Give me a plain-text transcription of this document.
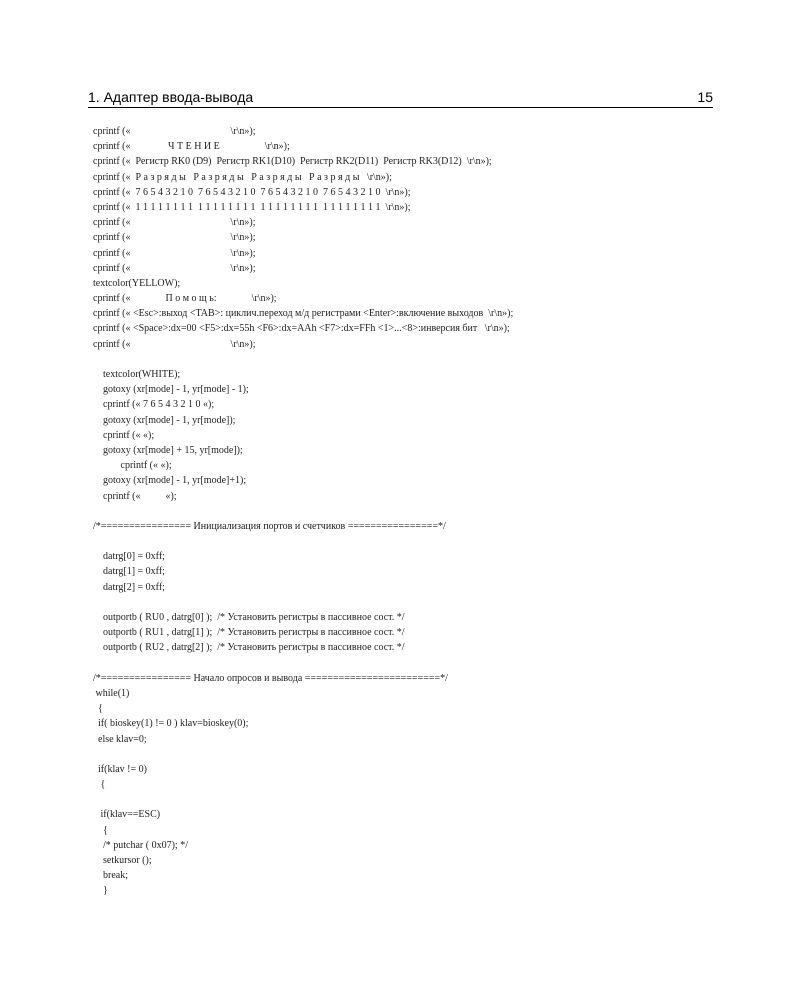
1. Адаптер ввода-вывода	15
cprintf («                                        \r\n»);
cprintf («               Ч Т Е Н И Е                  \r\n»);
cprintf («  Регистр RK0 (D9)  Регистр RK1(D10)  Регистр RK2(D11)  Регистр RK3(D12)  \r\n»);
cprintf («  Р а з р я д ы   Р а з р я д ы   Р а з р я д ы   Р а з р я д ы   \r\n»);
cprintf («  7 6 5 4 3 2 1 0  7 6 5 4 3 2 1 0  7 6 5 4 3 2 1 0  7 6 5 4 3 2 1 0  \r\n»);
cprintf («  1 1 1 1 1 1 1 1  1 1 1 1 1 1 1 1  1 1 1 1 1 1 1 1  1 1 1 1 1 1 1 1  \r\n»);
cprintf («                                        \r\n»);
cprintf («                                        \r\n»);
cprintf («                                        \r\n»);
cprintf («                                        \r\n»);
textcolor(YELLOW);
cprintf («              П о м о щ ь:              \r\n»);
cprintf (« <Esc>:выход <TAB>: циклич.переход м/д регистрами <Enter>:включение выходов  \r\n»);
cprintf (« <Space>:dx=00 <F5>:dx=55h <F6>:dx=AAh <F7>:dx=FFh <1>...<8>:инверсия бит   \r\n»);
cprintf («                                        \r\n»);

textcolor(WHITE);
gotoxy (xr[mode] - 1, yr[mode] - 1);
cprintf (« 7 6 5 4 3 2 1 0 «);
gotoxy (xr[mode] - 1, yr[mode]);
cprintf (« «);
gotoxy (xr[mode] + 15, yr[mode]);
cprintf (« «);
gotoxy (xr[mode] - 1, yr[mode]+1);
cprintf («          «);

/*================ Инициализация портов и счетчиков ================*/

datrg[0] = 0xff;
datrg[1] = 0xff;
datrg[2] = 0xff;

outportb ( RU0 , datrg[0] );  /* Установить регистры в пассивное сост. */
outportb ( RU1 , datrg[1] );  /* Установить регистры в пассивное сост. */
outportb ( RU2 , datrg[2] );  /* Установить регистры в пассивное сост. */

/*================ Начало опросов и вывода ========================*/
while(1)
{
if( bioskey(1) != 0 ) klav=bioskey(0);
else klav=0;

if(klav != 0)
{

if(klav==ESC)
{
/* putchar ( 0x07); */
setkursor ();
break;
}
